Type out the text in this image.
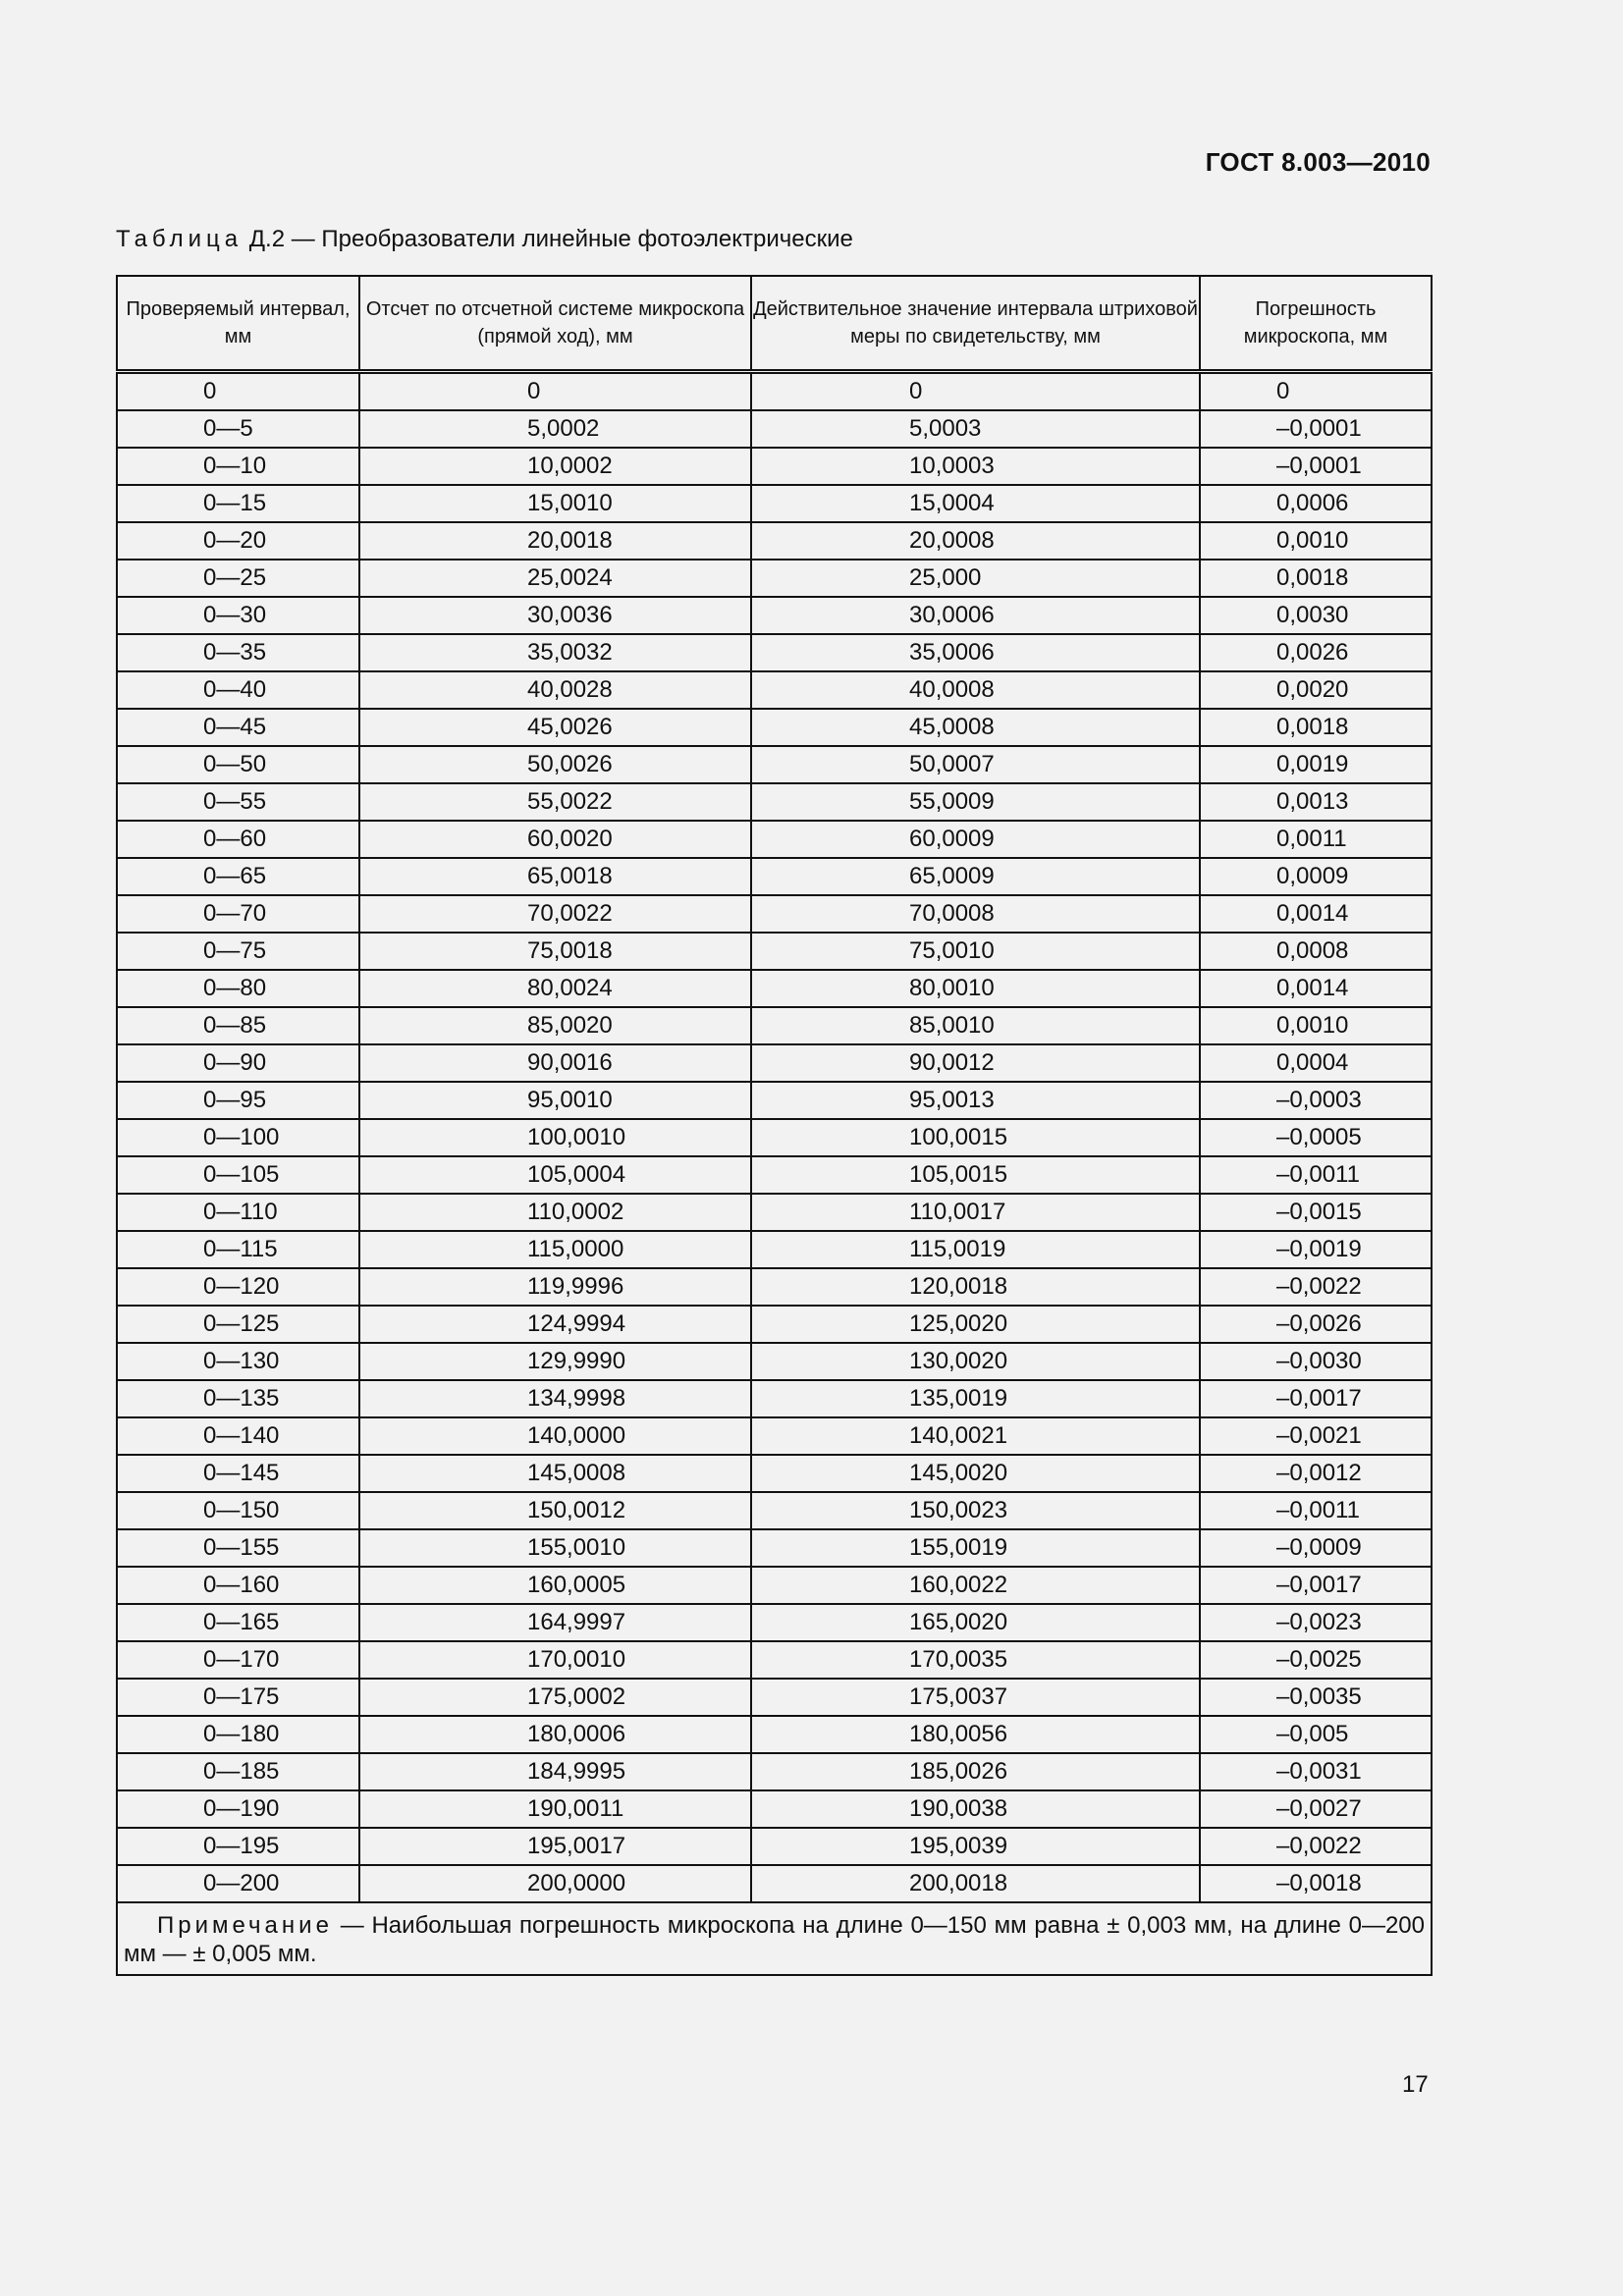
ГОСТ 8.003—2010
Таблица Д.2 — Преобразователи линейные фотоэлектрические
Проверяемый интервал, мм	Отсчет по отсчетной системе микроскопа (прямой ход), мм	Действительное значение интервала штриховой меры по свидетельству, мм	Погрешность микроскопа, мм
0	0	0	0
0—5	5,0002	5,0003	–0,0001
0—10	10,0002	10,0003	–0,0001
0—15	15,0010	15,0004	0,0006
0—20	20,0018	20,0008	0,0010
0—25	25,0024	25,000	0,0018
0—30	30,0036	30,0006	0,0030
0—35	35,0032	35,0006	0,0026
0—40	40,0028	40,0008	0,0020
0—45	45,0026	45,0008	0,0018
0—50	50,0026	50,0007	0,0019
0—55	55,0022	55,0009	0,0013
0—60	60,0020	60,0009	0,0011
0—65	65,0018	65,0009	0,0009
0—70	70,0022	70,0008	0,0014
0—75	75,0018	75,0010	0,0008
0—80	80,0024	80,0010	0,0014
0—85	85,0020	85,0010	0,0010
0—90	90,0016	90,0012	0,0004
0—95	95,0010	95,0013	–0,0003
0—100	100,0010	100,0015	–0,0005
0—105	105,0004	105,0015	–0,0011
0—110	110,0002	110,0017	–0,0015
0—115	115,0000	115,0019	–0,0019
0—120	119,9996	120,0018	–0,0022
0—125	124,9994	125,0020	–0,0026
0—130	129,9990	130,0020	–0,0030
0—135	134,9998	135,0019	–0,0017
0—140	140,0000	140,0021	–0,0021
0—145	145,0008	145,0020	–0,0012
0—150	150,0012	150,0023	–0,0011
0—155	155,0010	155,0019	–0,0009
0—160	160,0005	160,0022	–0,0017
0—165	164,9997	165,0020	–0,0023
0—170	170,0010	170,0035	–0,0025
0—175	175,0002	175,0037	–0,0035
0—180	180,0006	180,0056	–0,005
0—185	184,9995	185,0026	–0,0031
0—190	190,0011	190,0038	–0,0027
0—195	195,0017	195,0039	–0,0022
0—200	200,0000	200,0018	–0,0018
Примечание — Наибольшая погрешность микроскопа на длине 0—150 мм равна ± 0,003 мм, на длине 0—200 мм — ± 0,005 мм.			
17
